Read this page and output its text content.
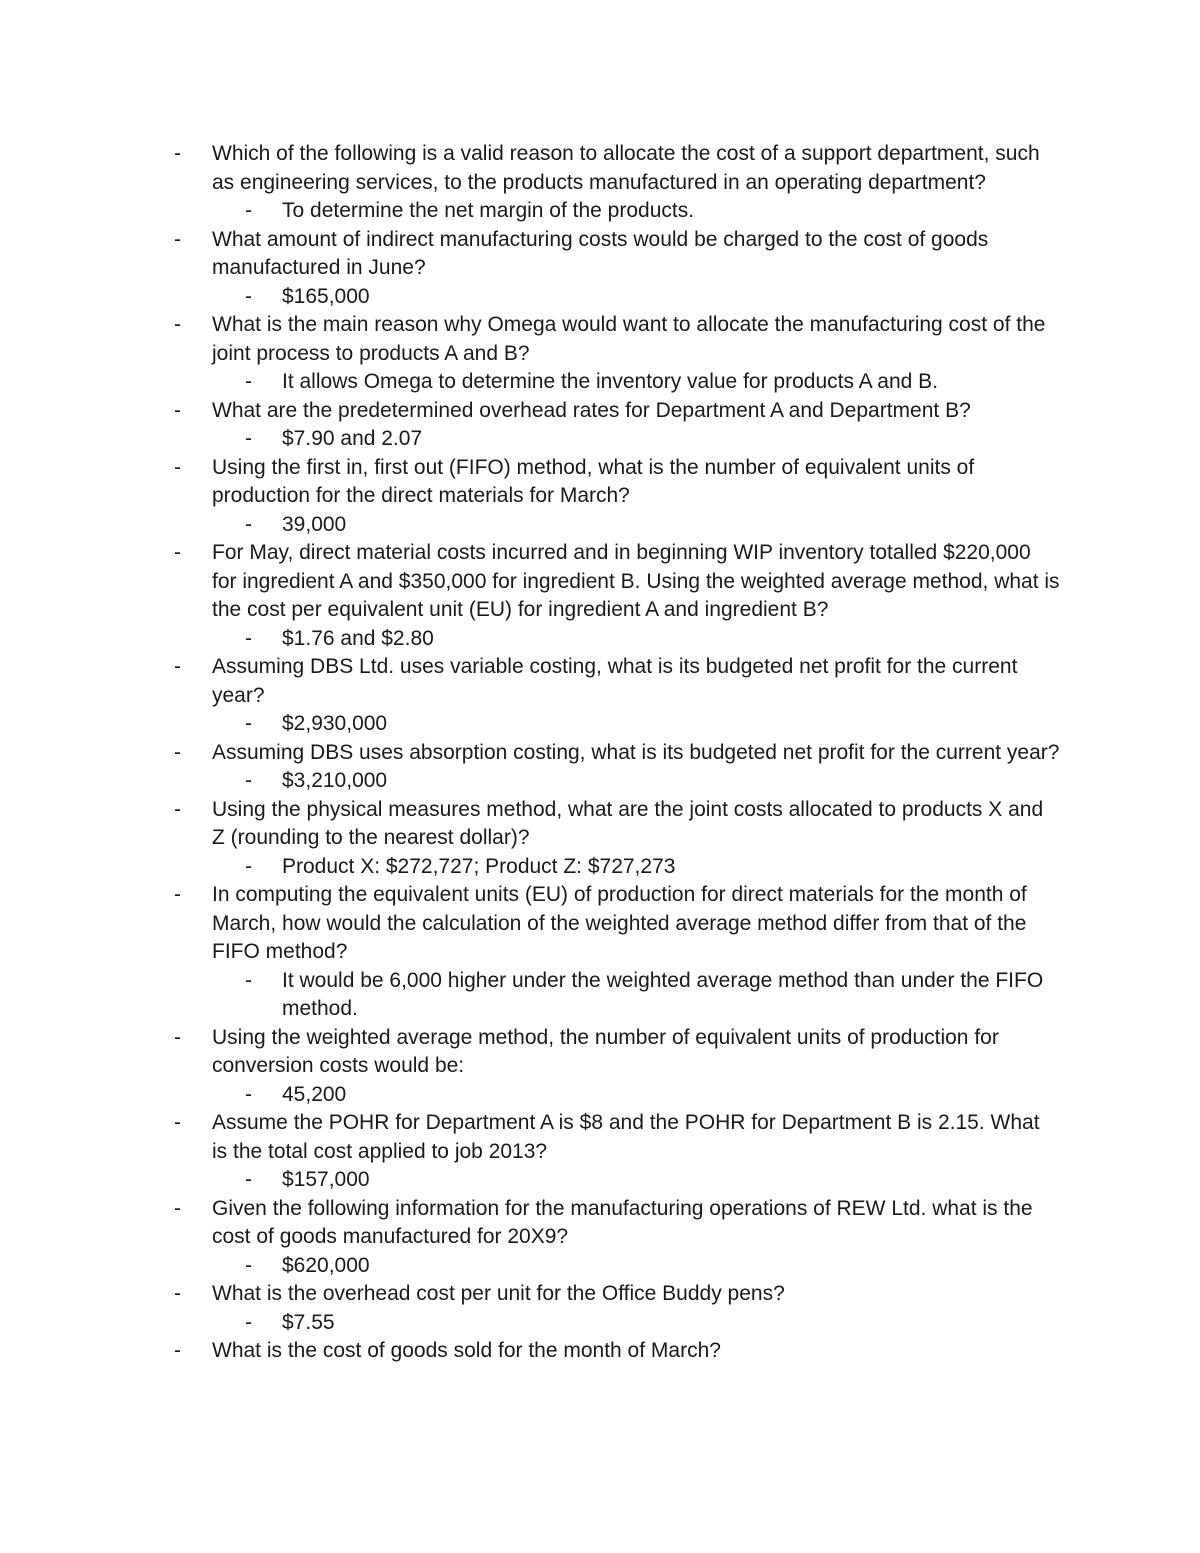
-	Which of the following is a valid reason to allocate the cost of a support department, such as engineering services, to the products manufactured in an operating department?
-	To determine the net margin of the products.
-	What amount of indirect manufacturing costs would be charged to the cost of goods manufactured in June?
-	$165,000
-	What is the main reason why Omega would want to allocate the manufacturing cost of the joint process to products A and B?
-	It allows Omega to determine the inventory value for products A and B.
-	What are the predetermined overhead rates for Department A and Department B?
-	$7.90 and 2.07
-	Using the first in, first out (FIFO) method, what is the number of equivalent units of production for the direct materials for March?
-	39,000
-	For May, direct material costs incurred and in beginning WIP inventory totalled $220,000 for ingredient A and $350,000 for ingredient B. Using the weighted average method, what is the cost per equivalent unit (EU) for ingredient A and ingredient B?
-	$1.76 and $2.80
-	Assuming DBS Ltd. uses variable costing, what is its budgeted net profit for the current year?
-	$2,930,000
-	Assuming DBS uses absorption costing, what is its budgeted net profit for the current year?
-	$3,210,000
-	Using the physical measures method, what are the joint costs allocated to products X and Z (rounding to the nearest dollar)?
-	Product X: $272,727; Product Z: $727,273
-	In computing the equivalent units (EU) of production for direct materials for the month of March, how would the calculation of the weighted average method differ from that of the FIFO method?
-	It would be 6,000 higher under the weighted average method than under the FIFO method.
-	Using the weighted average method, the number of equivalent units of production for conversion costs would be:
-	45,200
-	Assume the POHR for Department A is $8 and the POHR for Department B is 2.15. What is the total cost applied to job 2013?
-	$157,000
-	Given the following information for the manufacturing operations of REW Ltd. what is the cost of goods manufactured for 20X9?
-	$620,000
-	What is the overhead cost per unit for the Office Buddy pens?
-	$7.55
-	What is the cost of goods sold for the month of March?
